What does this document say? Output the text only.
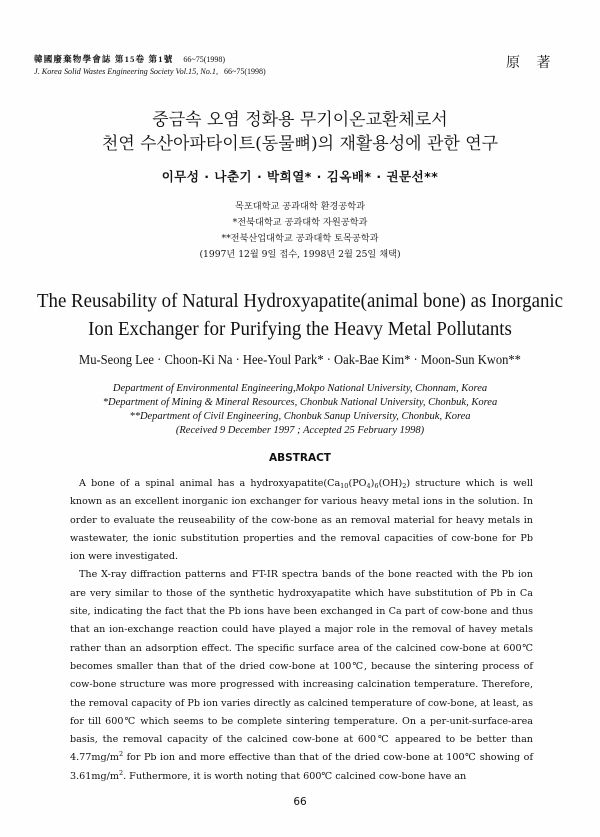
韓國廢棄物學會誌 第15卷 第1號 66~75(1998)
J. Korea Solid Wastes Engineering Society Vol.15, No.1, 66~75(1998)
原 著
중금속 오염 정화용 무기이온교환체로서
천연 수산아파타이트(동물뼈)의 재활용성에 관한 연구
이무성 · 나춘기 · 박희열* · 김옥배* · 권문선**
목포대학교 공과대학 환경공학과
*전북대학교 공과대학 자원공학과
**전북산업대학교 공과대학 토목공학과
(1997년 12월 9일 접수, 1998년 2월 25일 채택)
The Reusability of Natural Hydroxyapatite(animal bone) as Inorganic
Ion Exchanger for Purifying the Heavy Metal Pollutants
Mu-Seong Lee · Choon-Ki Na · Hee-Youl Park* · Oak-Bae Kim* · Moon-Sun Kwon**
Department of Environmental Engineering,Mokpo National University, Chonnam, Korea
*Department of Mining & Mineral Resources, Chonbuk National University, Chonbuk, Korea
**Department of Civil Engineering, Chonbuk Sanup University, Chonbuk, Korea
(Received 9 December 1997 ; Accepted 25 February 1998)
ABSTRACT

A bone of a spinal animal has a $hydroxyapatite(Ca_{10}(PO_4)_6(OH)_2)$ structure which is well known as an excellent inorganic ion exchanger for various heavy metal ions in the solution. In order to evaluate the reuseability of the cow-bone as an removal material for heavy metals in wastewater, the ionic substitution properties and the removal capacities of cow-bone for Pb ion were investigated.

The X-ray diffraction patterns and FT-IR spectra bands of the bone reacted with the Pb ion are very similar to those of the synthetic hydroxyapatite which have substitution of Pb in Ca site, indicating the fact that the Pb ions have been exchanged in Ca part of cow-bone and thus that an ion-exchange reaction could have played a major role in the removal of havey metals rather than an adsorption effect. The specific surface area of the calcined cow-bone at 600℃ becomes smaller than that of the dried cow-bone at 100℃, because the sintering process of cow-bone structure was more progressed with increasing calcination temperature. Therefore, the removal capacity of Pb ion varies directly as calcined temperature of cow-bone, at least, as for till 600℃ which seems to be complete sintering temperature. On a per-unit-surface-area basis, the removal capacity of the calcined cow-bone at 600℃ appeared to be better than $4.77mg/m^2$ for Pb ion and more effective than that of the dried cow-bone at 100℃ showing of $3.61mg/m^2$. Futhermore, it is worth noting that 600℃ calcined cow-bone have an

66
